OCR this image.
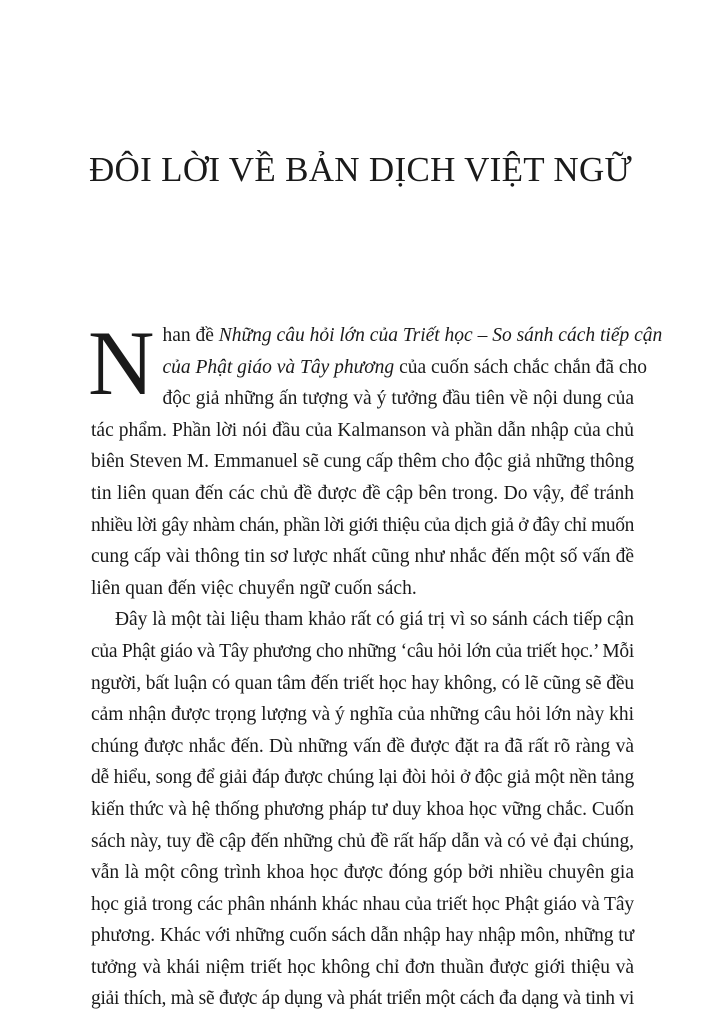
ĐÔI LỜI VỀ BẢN DỊCH VIỆT NGỮ

N han đề Những câu hỏi lớn của Triết học – So sánh cách tiếp cận
của Phật giáo và Tây phương của cuốn sách chắc chắn đã cho
độc giả những ấn tượng và ý tưởng đầu tiên về nội dung của
tác phẩm. Phần lời nói đầu của Kalmanson và phần dẫn nhập của chủ
biên Steven M. Emmanuel sẽ cung cấp thêm cho độc giả những thông
tin liên quan đến các chủ đề được đề cập bên trong. Do vậy, để tránh
nhiều lời gây nhàm chán, phần lời giới thiệu của dịch giả ở đây chỉ muốn
cung cấp vài thông tin sơ lược nhất cũng như nhắc đến một số vấn đề
liên quan đến việc chuyển ngữ cuốn sách.

Đây là một tài liệu tham khảo rất có giá trị vì so sánh cách tiếp cận
của Phật giáo và Tây phương cho những ‘câu hỏi lớn của triết học.’ Mỗi
người, bất luận có quan tâm đến triết học hay không, có lẽ cũng sẽ đều
cảm nhận được trọng lượng và ý nghĩa của những câu hỏi lớn này khi
chúng được nhắc đến. Dù những vấn đề được đặt ra đã rất rõ ràng và
dễ hiểu, song để giải đáp được chúng lại đòi hỏi ở độc giả một nền tảng
kiến thức và hệ thống phương pháp tư duy khoa học vững chắc. Cuốn
sách này, tuy đề cập đến những chủ đề rất hấp dẫn và có vẻ đại chúng,
vẫn là một công trình khoa học được đóng góp bởi nhiều chuyên gia
học giả trong các phân nhánh khác nhau của triết học Phật giáo và Tây
phương. Khác với những cuốn sách dẫn nhập hay nhập môn, những tư
tưởng và khái niệm triết học không chỉ đơn thuần được giới thiệu và
giải thích, mà sẽ được áp dụng và phát triển một cách đa dạng và tinh vi
